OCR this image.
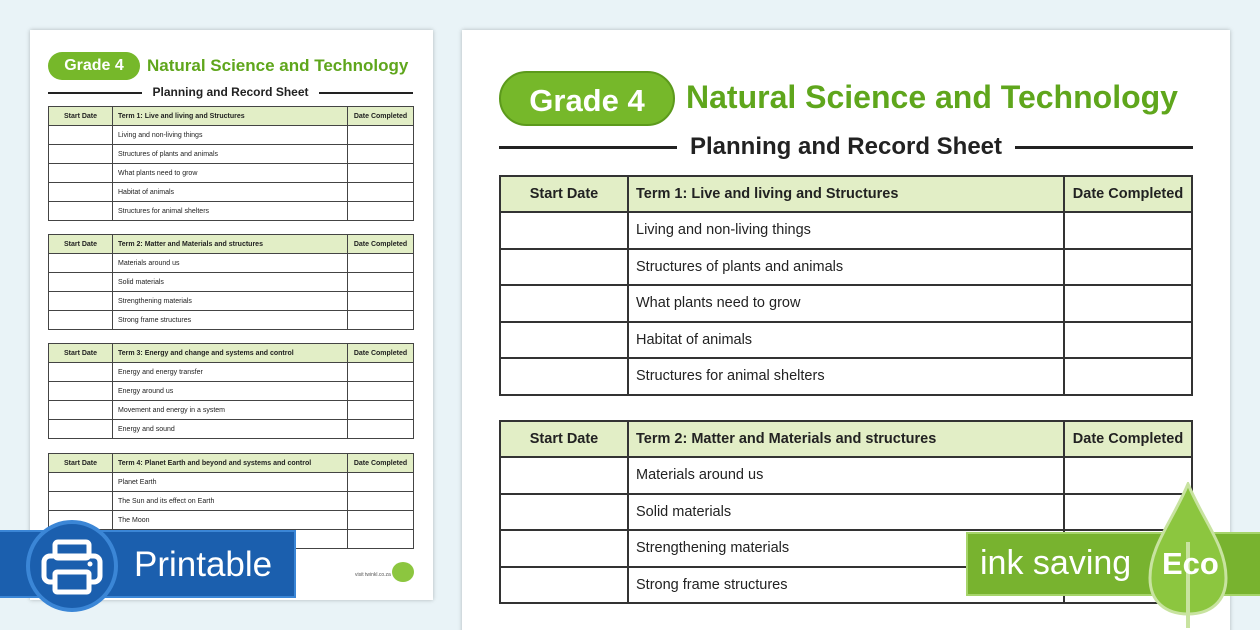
Grade 4	Natural Science and Technology
Planning and Record Sheet
Start Date	Term 1: Live and living and Structures	Date Completed
	Living and non-living things	
	Structures of plants and animals	
	What plants need to grow	
	Habitat of animals	
	Structures for animal shelters	
Start Date	Term 2: Matter and Materials and structures	Date Completed
	Materials around us	
	Solid materials	
	Strengthening materials	
	Strong frame structures	
Start Date	Term 3: Energy and change and systems and control	Date Completed
	Energy and energy transfer	
	Energy around us	
	Movement and energy in a system	
	Energy and sound	
Start Date	Term 4: Planet Earth and beyond and systems and control	Date Completed
	Planet Earth	
	The Sun and its effect on Earth	
	The Moon	

visit twinkl.co.za
Grade 4	Natural Science and Technology
Planning and Record Sheet
Start Date	Term 1: Live and living and Structures	Date Completed
	Living and non-living things	
	Structures of plants and animals	
	What plants need to grow	
	Habitat of animals	
	Structures for animal shelters	
Start Date	Term 2: Matter and Materials and structures	Date Completed
	Materials around us	
	Solid materials	
	Strengthening materials	
	Strong frame structures	
Printable	ink saving Eco
